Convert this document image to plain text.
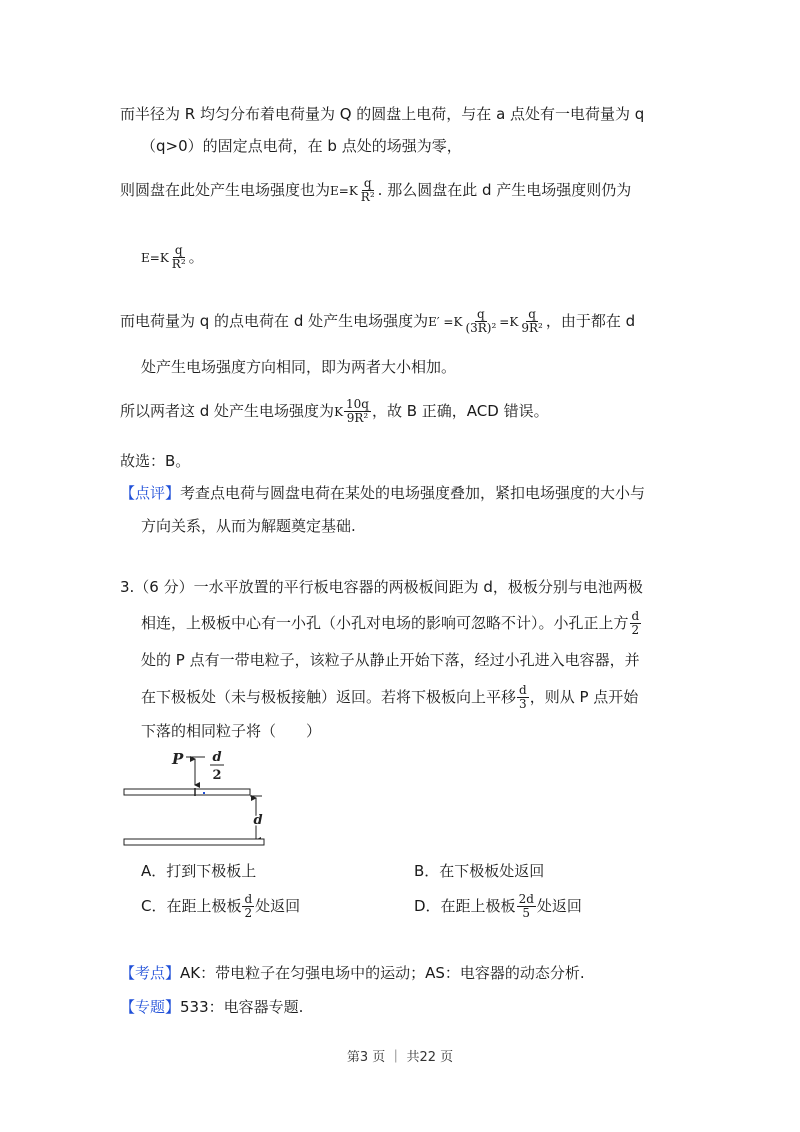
而半径为 R 均匀分布着电荷量为 Q 的圆盘上电荷，与在 a 点处有一电荷量为 q
（q>0）的固定点电荷，在 b 点处的场强为零，
则圆盘在此处产生电场强度也为$E=K \frac{q}{\text{R²}}$ . 那么圆盘在此 d 产生电场强度则仍为
$E=K \frac{q}{\text{R²}}$ 。
而电荷量为 q 的点电荷在 d 处产生电场强度为$E' =K \frac{q}{\text{(3R)²}} =K \frac{q}{\text{9R²}}$ ，由于都在 d
处产生电场强度方向相同，即为两者大小相加。
所以两者这 d 处产生电场强度为K $\frac{10q}{\text{9R²}}$ ，故 B 正确，ACD 错误。
故选：B。
【点评】考查点电荷与圆盘电荷在某处的电场强度叠加，紧扣电场强度的大小与
方向关系，从而为解题奠定基础.
3.（6 分）一水平放置的平行板电容器的两极板间距为 d，极板分别与电池两极
相连，上极板中心有一小孔（小孔对电场的影响可忽略不计）。小孔正上方 $\frac{d}{2}$
处的 P 点有一带电粒子，该粒子从静止开始下落，经过小孔进入电容器，并
在下极板处（未与极板接触）返回。若将下极板向上平移 $\frac{d}{3}$ ，则从 P 点开始
下落的相同粒子将（　　）
P d
2
d
A．打到下极板上	B．在下极板处返回
C．在距上极板 $\frac{d}{2}$ 处返回	D．在距上极板 $\frac{2d}{5}$ 处返回
【考点】AK：带电粒子在匀强电场中的运动；AS：电容器的动态分析.
【专题】533：电容器专题.
第3 页 ｜ 共22 页
